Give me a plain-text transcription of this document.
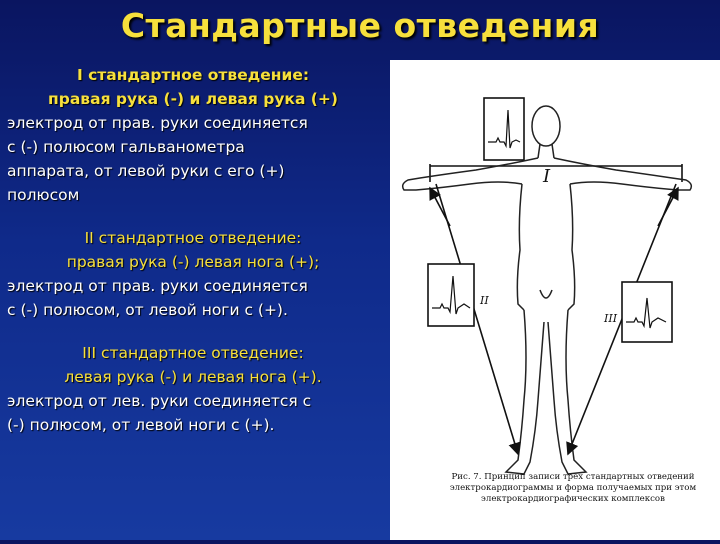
Стандартные отведения
I стандартное отведение:
правая рука (-) и левая рука (+)
электрод от прав. руки соединяется
с (-) полюсом гальванометра
аппарата, от левой руки с его (+)
полюсом
II стандартное отведение:
правая рука (-) левая нога (+);
электрод от прав. руки соединяется
с (-) полюсом, от левой ноги с (+).
III стандартное отведение:
левая рука (-) и левая нога (+).
электрод от лев. руки соединяется с
(-) полюсом, от левой ноги с (+).
I
II
III
Рис. 7. Принцип записи трех стандартных отведений электрокардиограммы и форма получаемых при этом электрокардиографических комплексов
